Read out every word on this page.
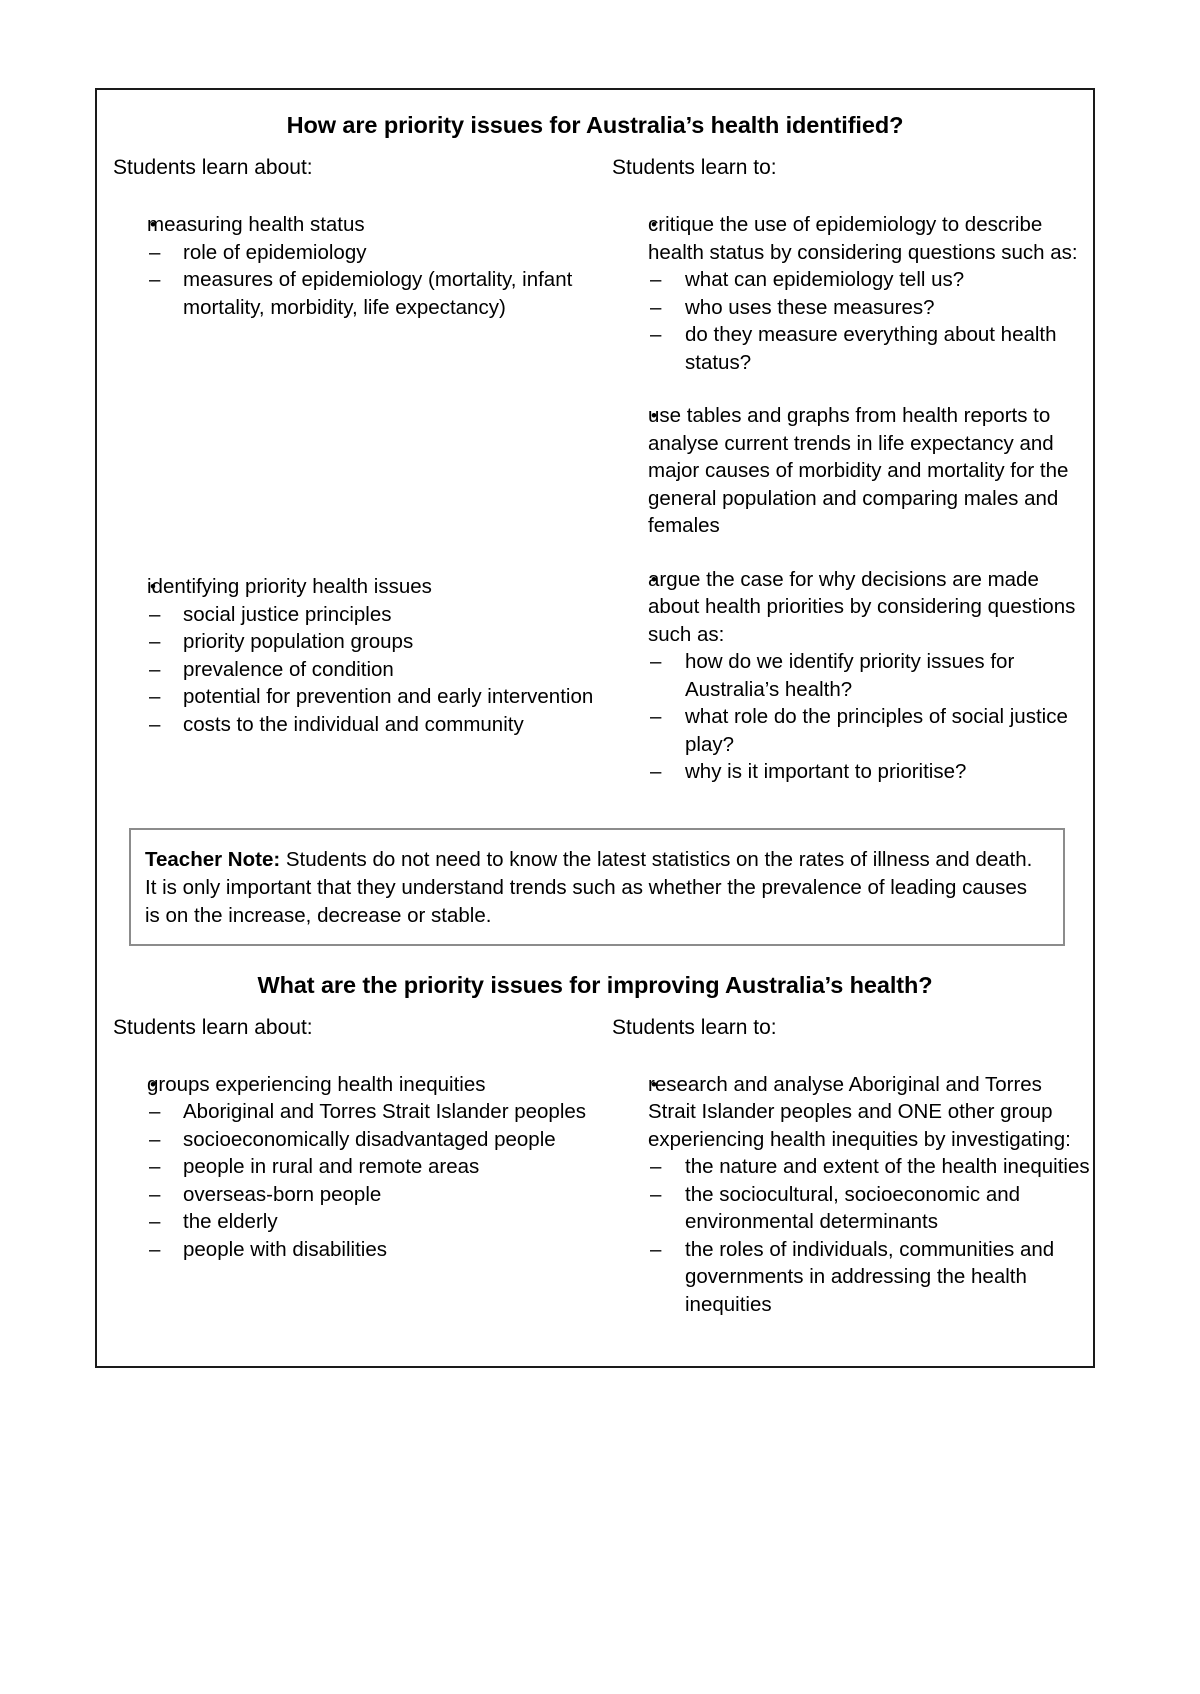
How are priority issues for Australia’s health identified?
Students learn about:	Students learn to:
• measuring health status
– role of epidemiology
– measures of epidemiology (mortality, infant mortality, morbidity, life expectancy)
• identifying priority health issues
– social justice principles
– priority population groups
– prevalence of condition
– potential for prevention and early intervention
– costs to the individual and community
• critique the use of epidemiology to describe health status by considering questions such as:
– what can epidemiology tell us?
– who uses these measures?
– do they measure everything about health status?
• use tables and graphs from health reports to analyse current trends in life expectancy and major causes of morbidity and mortality for the general population and comparing males and females
• argue the case for why decisions are made about health priorities by considering questions such as:
– how do we identify priority issues for Australia’s health?
– what role do the principles of social justice play?
– why is it important to prioritise?
Teacher Note: Students do not need to know the latest statistics on the rates of illness and death. It is only important that they understand trends such as whether the prevalence of leading causes is on the increase, decrease or stable.
What are the priority issues for improving Australia’s health?
Students learn about:	Students learn to:
• groups experiencing health inequities
– Aboriginal and Torres Strait Islander peoples
– socioeconomically disadvantaged people
– people in rural and remote areas
– overseas-born people
– the elderly
– people with disabilities
• research and analyse Aboriginal and Torres Strait Islander peoples and ONE other group experiencing health inequities by investigating:
– the nature and extent of the health inequities
– the sociocultural, socioeconomic and environmental determinants
– the roles of individuals, communities and governments in addressing the health inequities
